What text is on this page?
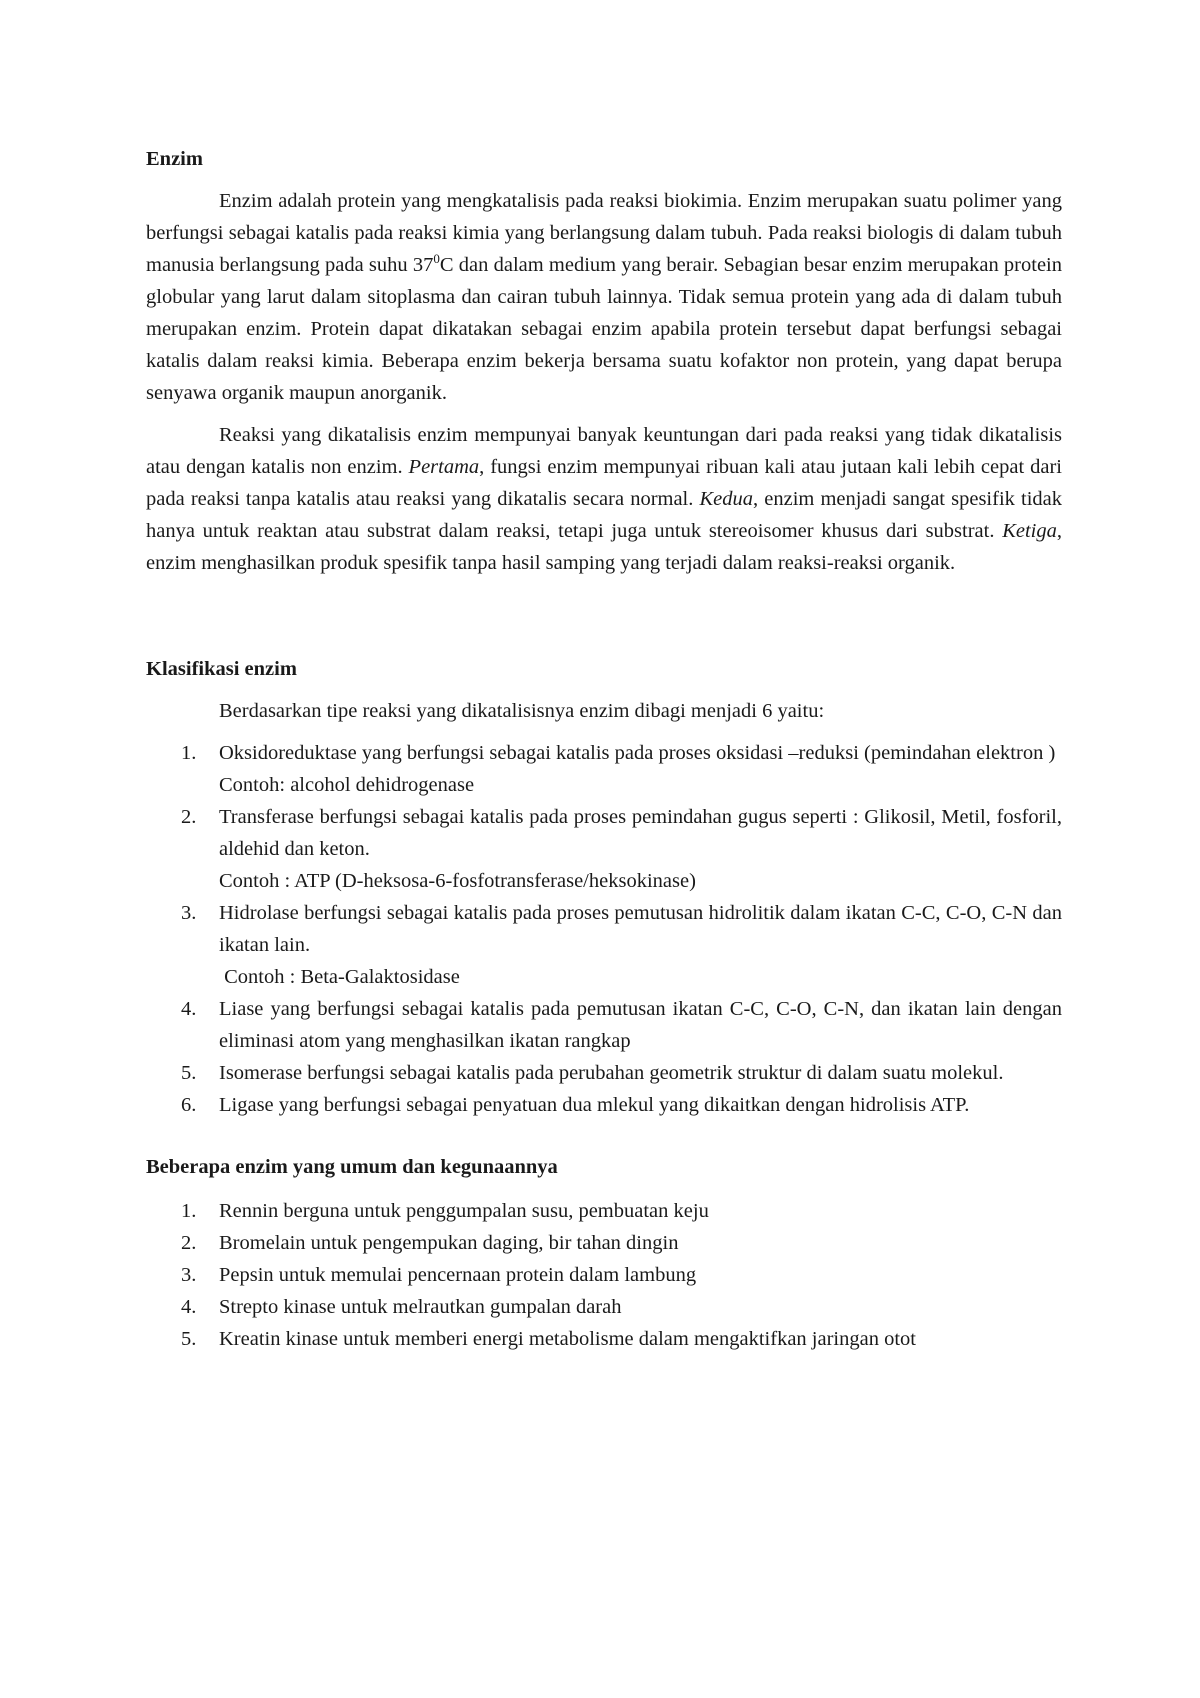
Enzim

Enzim adalah protein yang mengkatalisis pada reaksi biokimia. Enzim merupakan suatu polimer yang berfungsi sebagai katalis pada reaksi kimia yang berlangsung dalam tubuh. Pada reaksi biologis di dalam tubuh manusia berlangsung pada suhu $37^0C$ dan dalam medium yang berair. Sebagian besar enzim merupakan protein globular yang larut dalam sitoplasma dan cairan tubuh lainnya. Tidak semua protein yang ada di dalam tubuh merupakan enzim. Protein dapat dikatakan sebagai enzim apabila protein tersebut dapat berfungsi sebagai katalis dalam reaksi kimia. Beberapa enzim bekerja bersama suatu kofaktor non protein, yang dapat berupa senyawa organik maupun anorganik.

Reaksi yang dikatalisis enzim mempunyai banyak keuntungan dari pada reaksi yang tidak dikatalisis atau dengan katalis non enzim. Pertama, fungsi enzim mempunyai ribuan kali atau jutaan kali lebih cepat dari pada reaksi tanpa katalis atau reaksi yang dikatalis secara normal. Kedua, enzim menjadi sangat spesifik tidak hanya untuk reaktan atau substrat dalam reaksi, tetapi juga untuk stereoisomer khusus dari substrat. Ketiga, enzim menghasilkan produk spesifik tanpa hasil samping yang terjadi dalam reaksi-reaksi organik.

Klasifikasi enzim
Berdasarkan tipe reaksi yang dikatalisisnya enzim dibagi menjadi 6 yaitu:
1. Oksidoreduktase yang berfungsi sebagai katalis pada proses oksidasi –reduksi (pemindahan elektron )
Contoh: alcohol dehidrogenase
2. Transferase berfungsi sebagai katalis pada proses pemindahan gugus seperti : Glikosil, Metil, fosforil, aldehid dan keton.
Contoh : ATP (D-heksosa-6-fosfotransferase/heksokinase)
3. Hidrolase berfungsi sebagai katalis pada proses pemutusan hidrolitik dalam ikatan C-C, C-O, C-N dan ikatan lain.
Contoh : Beta-Galaktosidase
4. Liase yang berfungsi sebagai katalis pada pemutusan ikatan C-C, C-O, C-N, dan ikatan lain dengan eliminasi atom yang menghasilkan ikatan rangkap
5. Isomerase berfungsi sebagai katalis pada perubahan geometrik struktur di dalam suatu molekul.
6. Ligase yang berfungsi sebagai penyatuan dua mlekul yang dikaitkan dengan hidrolisis ATP.
Beberapa enzim yang umum dan kegunaannya
1. Rennin berguna untuk penggumpalan susu, pembuatan keju
2. Bromelain untuk pengempukan daging, bir tahan dingin
3. Pepsin untuk memulai pencernaan protein dalam lambung
4. Strepto kinase untuk melrautkan gumpalan darah
5. Kreatin kinase untuk memberi energi metabolisme dalam mengaktifkan jaringan otot
